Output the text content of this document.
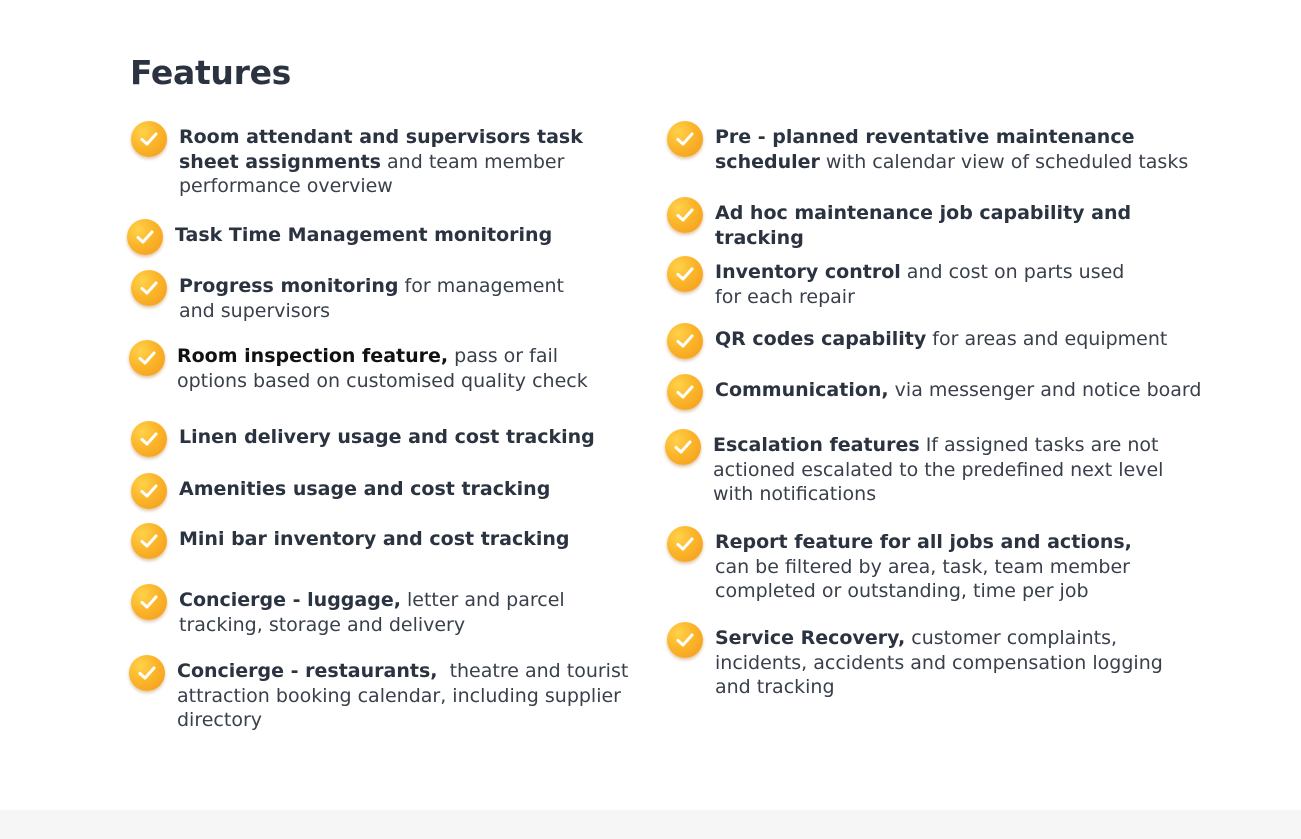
Features
Room attendant and supervisors task sheet assignments and team member performance overview
Task Time Management monitoring
Progress monitoring for management and supervisors
Room inspection feature, pass or fail options based on customised quality check
Linen delivery usage and cost tracking
Amenities usage and cost tracking
Mini bar inventory and cost tracking
Concierge - luggage, letter and parcel tracking, storage and delivery
Concierge - restaurants,  theatre and tourist attraction booking calendar, including supplier directory
Pre - planned reventative maintenance scheduler with calendar view of scheduled tasks
Ad hoc maintenance job capability and tracking
Inventory control and cost on parts used for each repair
QR codes capability for areas and equipment
Communication, via messenger and notice board
Escalation features If assigned tasks are not actioned escalated to the predefined next level with notifications
Report feature for all jobs and actions, can be filtered by area, task, team member completed or outstanding, time per job
Service Recovery, customer complaints, incidents, accidents and compensation logging and tracking
